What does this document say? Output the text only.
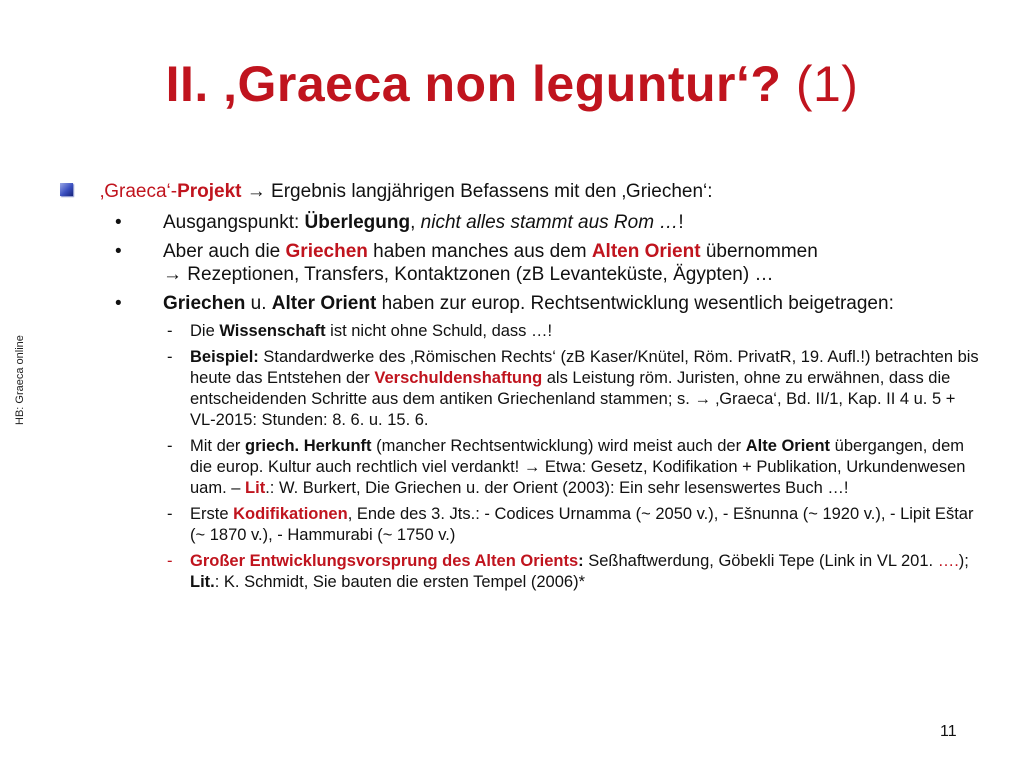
II. ‚Graeca non leguntur‘? (1)
HB: Graeca online
‚Graeca‘-Projekt → Ergebnis langjährigen Befassens mit den ‚Griechen‘:
• Ausgangspunkt: Überlegung, nicht alles stammt aus Rom …!
• Aber auch die Griechen haben manches aus dem Alten Orient übernommen
→ Rezeptionen, Transfers, Kontaktzonen (zB Levanteküste, Ägypten) …
• Griechen u. Alter Orient haben zur europ. Rechtsentwicklung wesentlich beigetragen:
- Die Wissenschaft ist nicht ohne Schuld, dass …!
- Beispiel: Standardwerke des ‚Römischen Rechts‘ (zB Kaser/Knütel, Röm. PrivatR, 19. Aufl.!) betrachten bis heute das Entstehen der Verschuldenshaftung als Leistung röm. Juristen, ohne zu erwähnen, dass die entscheidenden Schritte aus dem antiken Griechenland stammen; s. → ‚Graeca‘, Bd. II/1, Kap. II 4 u. 5 + VL-2015: Stunden: 8. 6. u. 15. 6.
- Mit der griech. Herkunft (mancher Rechtsentwicklung) wird meist auch der Alte Orient übergangen, dem die europ. Kultur auch rechtlich viel verdankt! → Etwa: Gesetz, Kodifikation + Publikation, Urkundenwesen uam. – Lit.: W. Burkert, Die Griechen u. der Orient (2003): Ein sehr lesenswertes Buch …!
- Erste Kodifikationen, Ende des 3. Jts.: - Codices Urnamma (~ 2050 v.), - Ešnunna (~ 1920 v.), - Lipit Eštar (~ 1870 v.), - Hammurabi (~ 1750 v.)
- Großer Entwicklungsvorsprung des Alten Orients: Seßhaftwerdung, Göbekli Tepe (Link in VL 201. ….); Lit.: K. Schmidt, Sie bauten die ersten Tempel (2006)*
11
